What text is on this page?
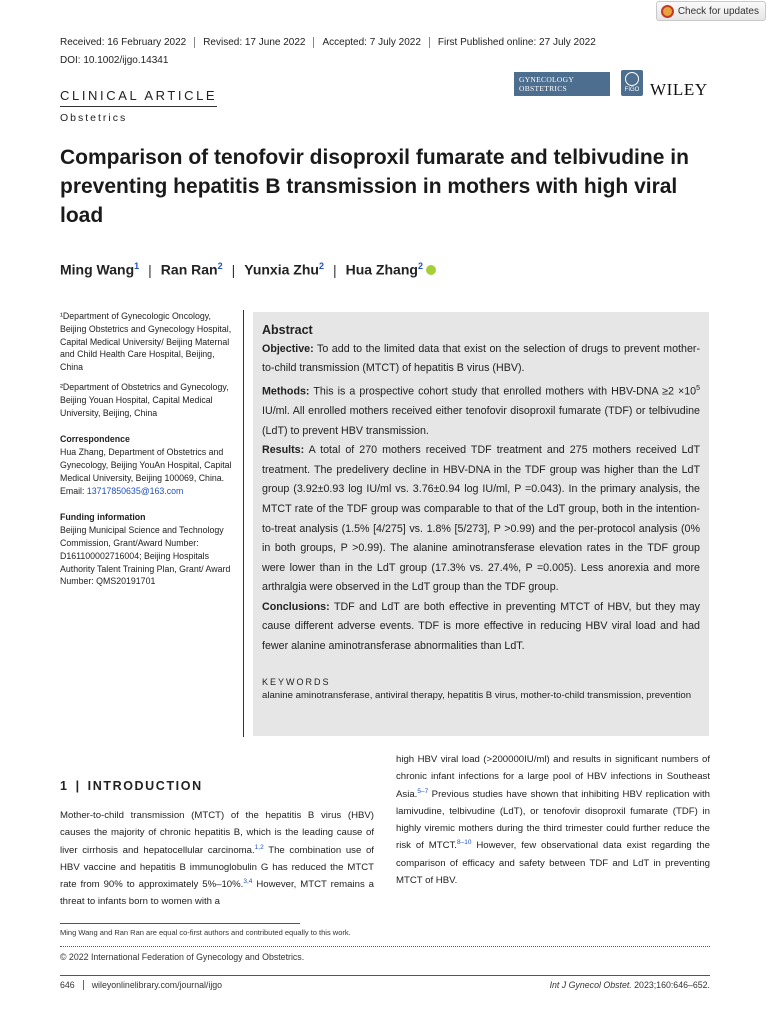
Check for updates
Received: 16 February 2022	Revised: 17 June 2022	Accepted: 7 July 2022	First Published online: 27 July 2022
DOI: 10.1002/ijgo.14341
CLINICAL ARTICLE
Obstetrics
GYNECOLOGY OBSTETRICS	FIGO WILEY
Comparison of tenofovir disoproxil fumarate and telbivudine in preventing hepatitis B transmission in mothers with high viral load
Ming Wang$^1$ | Ran Ran$^2$ | Yunxia Zhu$^2$ | Hua Zhang$^2$

¹Department of Gynecologic Oncology, Beijing Obstetrics and Gynecology Hospital, Capital Medical University/ Beijing Maternal and Child Health Care Hospital, Beijing, China

²Department of Obstetrics and Gynecology, Beijing Youan Hospital, Capital Medical University, Beijing, China

Correspondence
Hua Zhang, Department of Obstetrics and Gynecology, Beijing YouAn Hospital, Capital Medical University, Beijing 100069, China.

Email: 13717850635@163.com

Funding information
Beijing Municipal Science and Technology Commission, Grant/Award Number: D161100002716004; Beijing Hospitals Authority Talent Training Plan, Grant/ Award Number: QMS20191701
Abstract

Objective: To add to the limited data that exist on the selection of drugs to prevent mother-to-child transmission (MTCT) of hepatitis B virus (HBV).

Methods: This is a prospective cohort study that enrolled mothers with $HBV-DNA \ge 2 \times 10^5$ IU/ml. All enrolled mothers received either tenofovir disoproxil fumarate (TDF) or telbivudine (LdT) to prevent HBV transmission.

Results: A total of 270 mothers received TDF treatment and 275 mothers received LdT treatment. The predelivery decline in HBV-DNA in the TDF group was higher than the LdT group (3.92±0.93 log IU/ml vs. 3.76±0.94 log IU/ml, P =0.043). In the primary analysis, the MTCT rate of the TDF group was comparable to that of the LdT group, both in the intention-to-treat analysis (1.5% [4/275] vs. 1.8% [5/273], P >0.99) and the per-protocol analysis (0% in both groups, P >0.99). The alanine aminotransferase elevation rates in the TDF group were lower than in the LdT group (17.3% vs. 27.4%, P =0.005). Less anorexia and more arthralgia were observed in the LdT group than the TDF group.

Conclusions: TDF and LdT are both effective in preventing MTCT of HBV, but they may cause different adverse events. TDF is more effective in reducing HBV viral load and had fewer alanine aminotransferase abnormalities than LdT.

KEYWORDS
alanine aminotransferase, antiviral therapy, hepatitis B virus, mother-to-child transmission, prevention
1 | INTRODUCTION
Mother-to-child transmission (MTCT) of the hepatitis B virus (HBV) causes the majority of chronic hepatitis B, which is the leading cause of liver cirrhosis and hepatocellular carcinoma.$^{1,2}$ The combination use of HBV vaccine and hepatitis B immunoglobulin G has reduced the MTCT rate from 90% to approximately 5%–10%.$^{3,4}$ However, MTCT remains a threat to infants born to women with a
high HBV viral load (>200000IU/ml) and results in significant numbers of chronic infant infections for a large pool of HBV infections in Southeast Asia.$^{5-7}$ Previous studies have shown that inhibiting HBV replication with lamivudine, telbivudine (LdT), or tenofovir disoproxil fumarate (TDF) in highly viremic mothers during the third trimester could further reduce the risk of MTCT.$^{8-10}$ However, few observational data exist regarding the comparison of efficacy and safety between TDF and LdT in preventing MTCT of HBV.
Ming Wang and Ran Ran are equal co-first authors and contributed equally to this work.
© 2022 International Federation of Gynecology and Obstetrics.
646	wileyonlinelibrary.com/journal/ijgo	Int J Gynecol Obstet. 2023;160:646–652.
